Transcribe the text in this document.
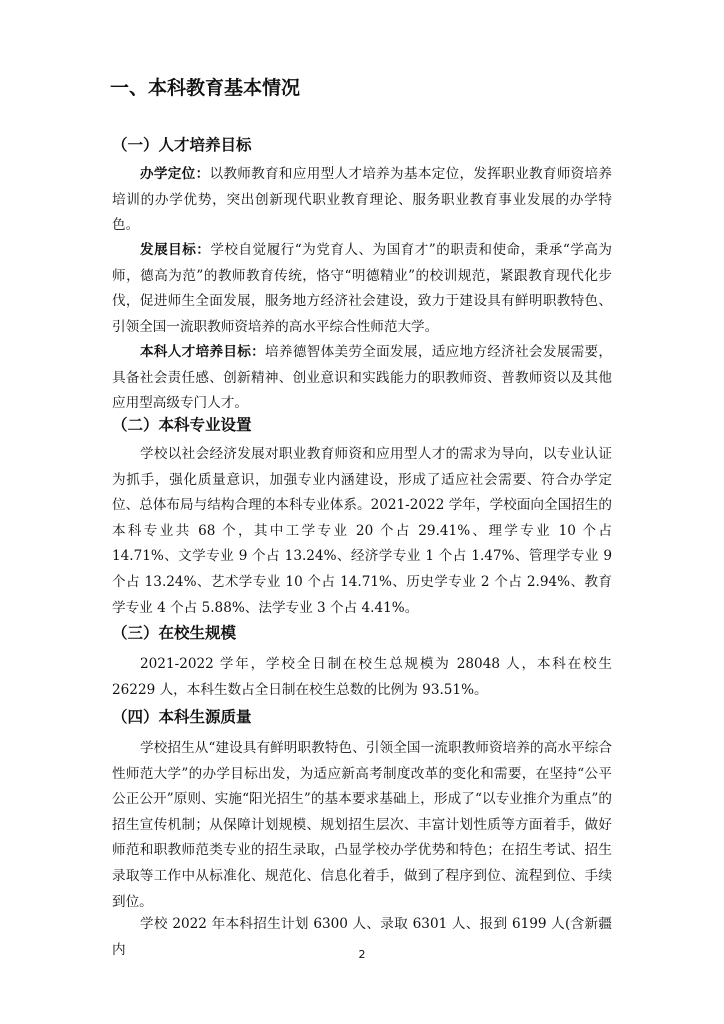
一、本科教育基本情况
（一）人才培养目标
办学定位：以教师教育和应用型人才培养为基本定位，发挥职业教育师资培养培训的办学优势，突出创新现代职业教育理论、服务职业教育事业发展的办学特色。
发展目标：学校自觉履行“为党育人、为国育才”的职责和使命，秉承“学高为师，德高为范”的教师教育传统，恪守“明德精业”的校训规范，紧跟教育现代化步伐，促进师生全面发展，服务地方经济社会建设，致力于建设具有鲜明职教特色、引领全国一流职教师资培养的高水平综合性师范大学。
本科人才培养目标：培养德智体美劳全面发展，适应地方经济社会发展需要，具备社会责任感、创新精神、创业意识和实践能力的职教师资、普教师资以及其他应用型高级专门人才。
（二）本科专业设置
学校以社会经济发展对职业教育师资和应用型人才的需求为导向，以专业认证为抓手，强化质量意识，加强专业内涵建设，形成了适应社会需要、符合办学定位、总体布局与结构合理的本科专业体系。2021-2022 学年，学校面向全国招生的本科专业共 68 个，其中工学专业 20 个占 29.41%、理学专业 10 个占 14.71%、文学专业 9 个占 13.24%、经济学专业 1 个占 1.47%、管理学专业 9 个占 13.24%、艺术学专业 10 个占 14.71%、历史学专业 2 个占 2.94%、教育学专业 4 个占 5.88%、法学专业 3 个占 4.41%。
（三）在校生规模
2021-2022 学年，学校全日制在校生总规模为 28048 人，本科在校生 26229 人，本科生数占全日制在校生总数的比例为 93.51%。
（四）本科生源质量
学校招生从“建设具有鲜明职教特色、引领全国一流职教师资培养的高水平综合性师范大学”的办学目标出发，为适应新高考制度改革的变化和需要，在坚持“公平公正公开”原则、实施“阳光招生”的基本要求基础上，形成了“以专业推介为重点”的招生宣传机制；从保障计划规模、规划招生层次、丰富计划性质等方面着手，做好师范和职教师范类专业的招生录取，凸显学校办学优势和特色；在招生考试、招生录取等工作中从标准化、规范化、信息化着手，做到了程序到位、流程到位、手续到位。
学校 2022 年本科招生计划 6300 人、录取 6301 人、报到 6199 人(含新疆内	2
